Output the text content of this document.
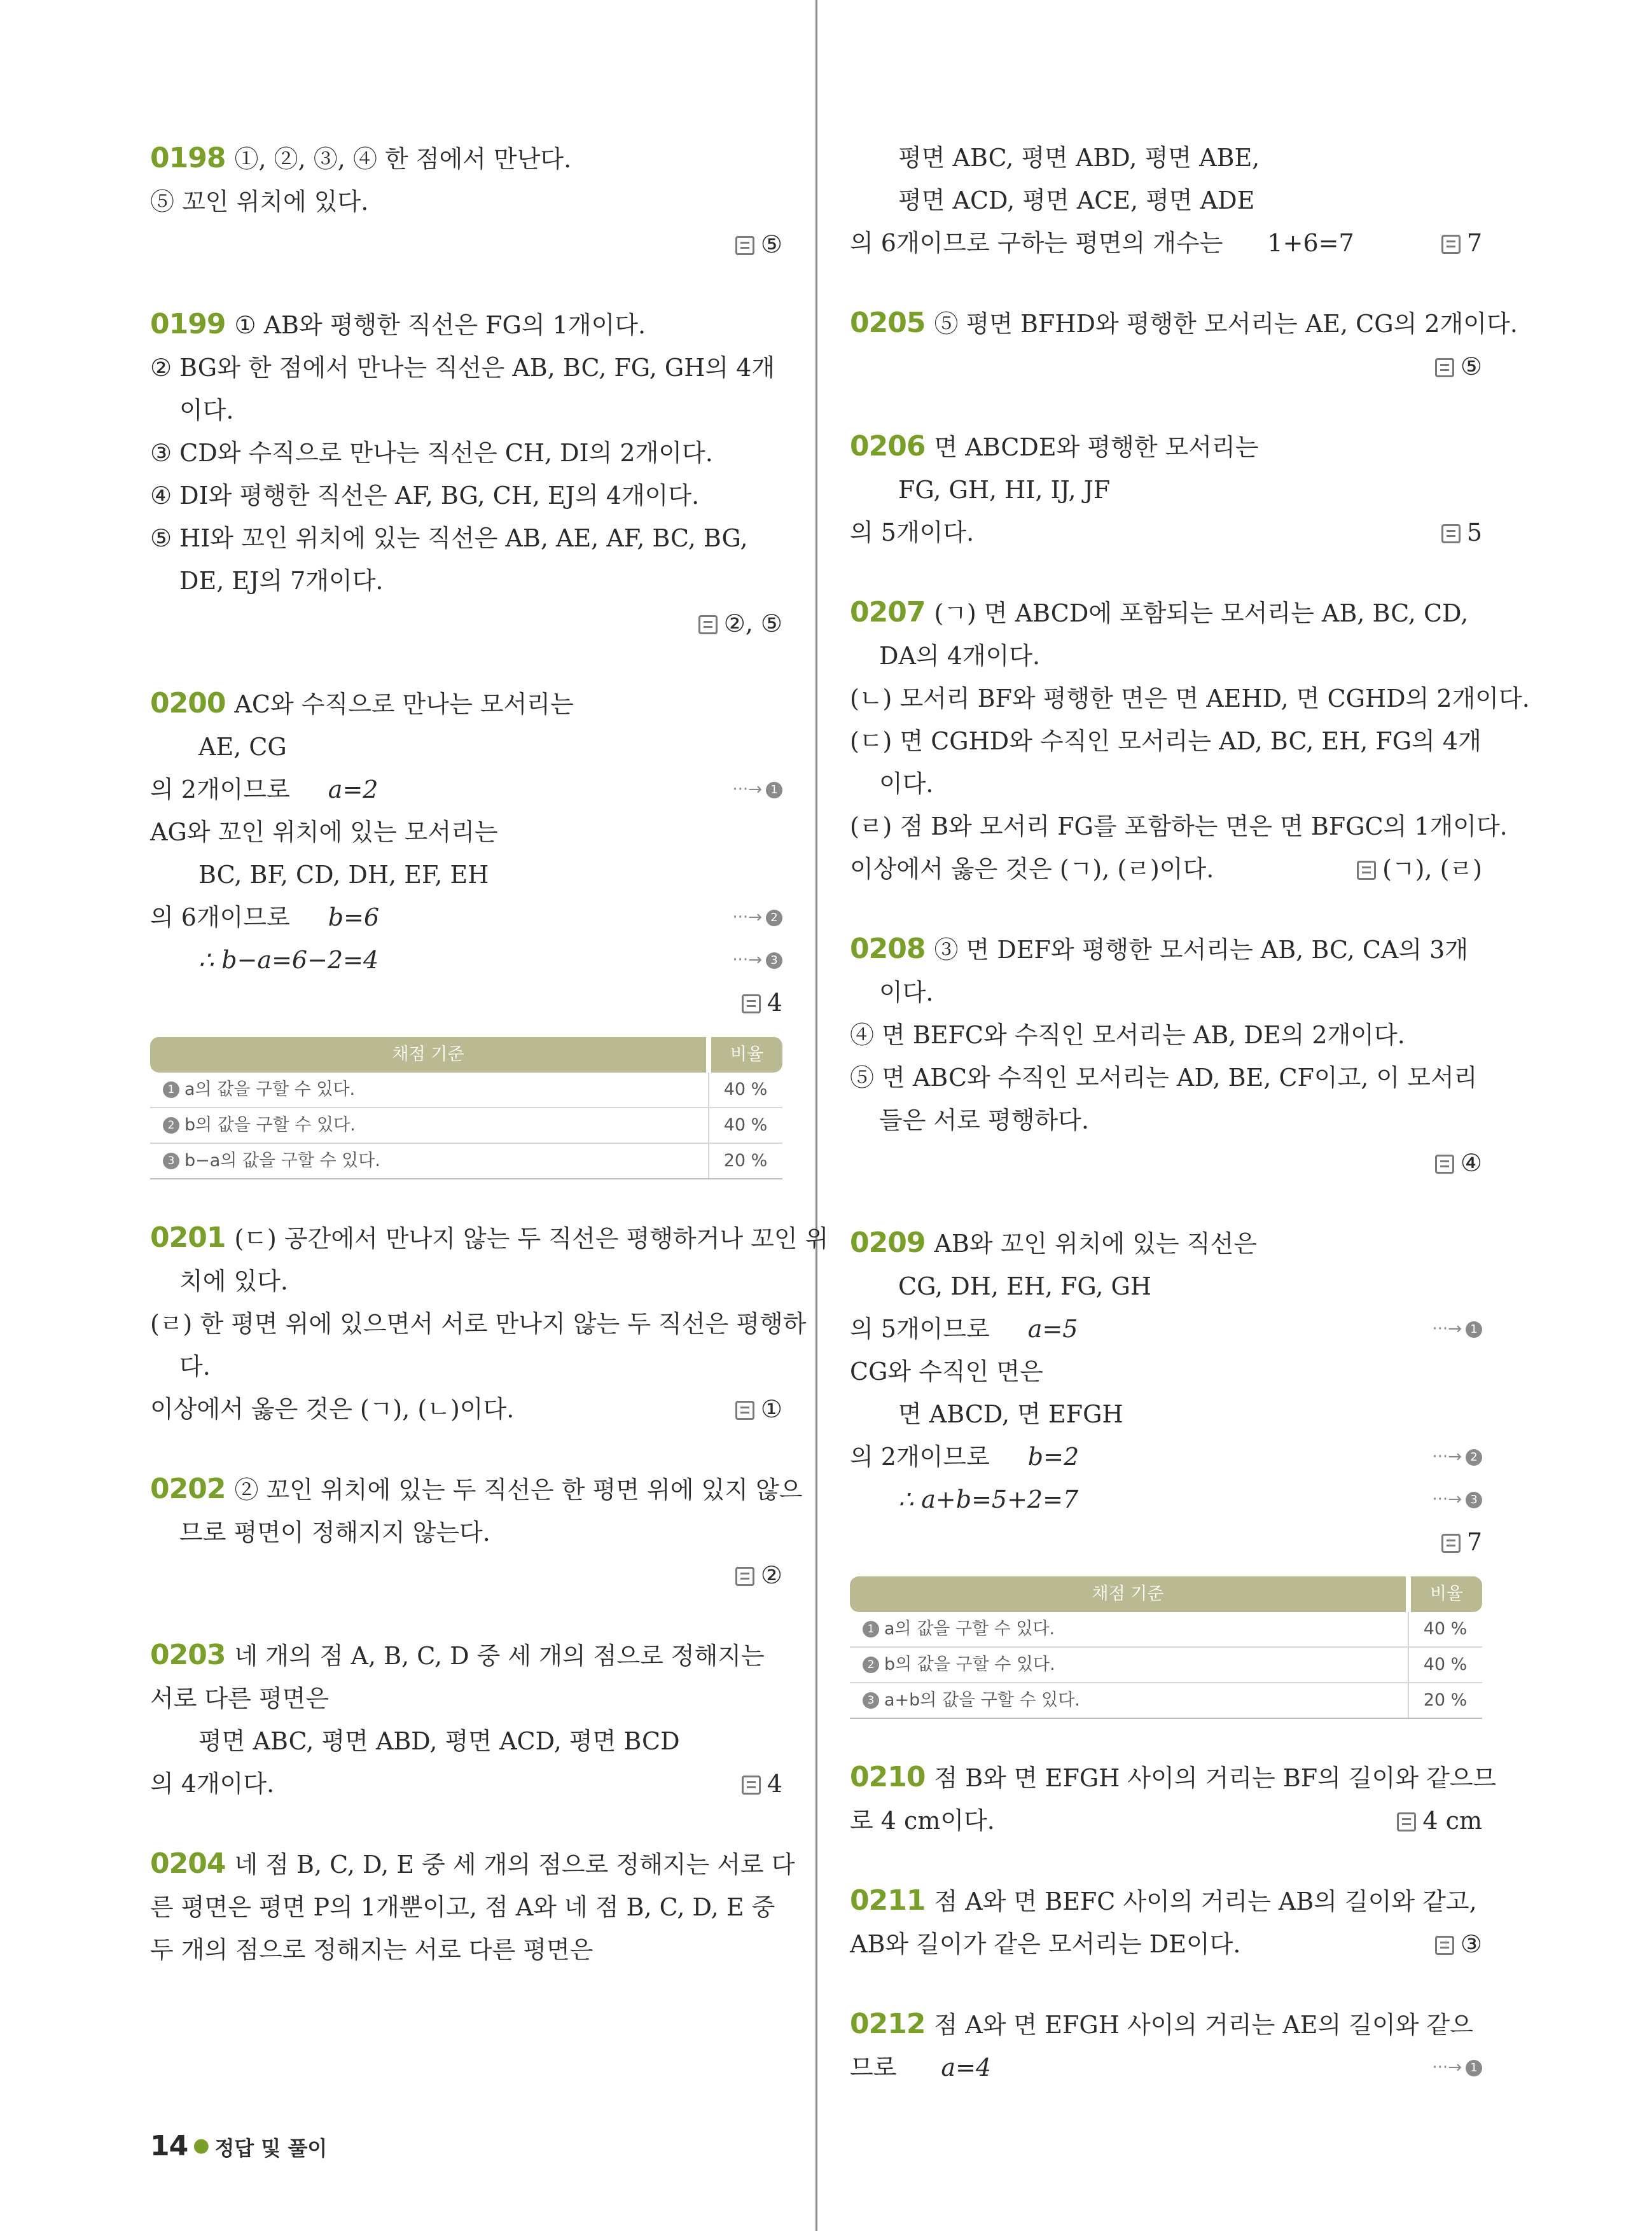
0198 ①, ②, ③, ④ 한 점에서 만난다.
⑤ 꼬인 위치에 있다.
⑤
0199 ① AB와 평행한 직선은 FG의 1개이다.
② BG와 한 점에서 만나는 직선은 AB, BC, FG, GH의 4개
이다.
③ CD와 수직으로 만나는 직선은 CH, DI의 2개이다.
④ DI와 평행한 직선은 AF, BG, CH, EJ의 4개이다.
⑤ HI와 꼬인 위치에 있는 직선은 AB, AE, AF, BC, BG,
DE, EJ의 7개이다.
②, ⑤
0200 AC와 수직으로 만나는 모서리는
AE, CG
의 2개이므로 a=2	···→ 1
AG와 꼬인 위치에 있는 모서리는
BC, BF, CD, DH, EF, EH
의 6개이므로 b=6	···→ 2
∴ b−a=6−2=4	···→ 3
4
채점 기준	비율
1 a의 값을 구할 수 있다.	40 %
2 b의 값을 구할 수 있다.	40 %
3 b−a의 값을 구할 수 있다.	20 %
0201 (ㄷ) 공간에서 만나지 않는 두 직선은 평행하거나 꼬인 위
치에 있다.
(ㄹ) 한 평면 위에 있으면서 서로 만나지 않는 두 직선은 평행하
다.
이상에서 옳은 것은 (ㄱ), (ㄴ)이다.	①
0202 ② 꼬인 위치에 있는 두 직선은 한 평면 위에 있지 않으
므로 평면이 정해지지 않는다.
②
0203 네 개의 점 A, B, C, D 중 세 개의 점으로 정해지는
서로 다른 평면은
평면 ABC, 평면 ABD, 평면 ACD, 평면 BCD
의 4개이다.	4
0204 네 점 B, C, D, E 중 세 개의 점으로 정해지는 서로 다
른 평면은 평면 P의 1개뿐이고, 점 A와 네 점 B, C, D, E 중
두 개의 점으로 정해지는 서로 다른 평면은
평면 ABC, 평면 ABD, 평면 ABE,
평면 ACD, 평면 ACE, 평면 ADE
의 6개이므로 구하는 평면의 개수는 1+6=7	7
0205 ⑤ 평면 BFHD와 평행한 모서리는 AE, CG의 2개이다.
⑤
0206 면 ABCDE와 평행한 모서리는
FG, GH, HI, IJ, JF
의 5개이다.	5
0207 (ㄱ) 면 ABCD에 포함되는 모서리는 AB, BC, CD,
DA의 4개이다.
(ㄴ) 모서리 BF와 평행한 면은 면 AEHD, 면 CGHD의 2개이다.
(ㄷ) 면 CGHD와 수직인 모서리는 AD, BC, EH, FG의 4개
이다.
(ㄹ) 점 B와 모서리 FG를 포함하는 면은 면 BFGC의 1개이다.
이상에서 옳은 것은 (ㄱ), (ㄹ)이다.	(ㄱ), (ㄹ)
0208 ③ 면 DEF와 평행한 모서리는 AB, BC, CA의 3개
이다.
④ 면 BEFC와 수직인 모서리는 AB, DE의 2개이다.
⑤ 면 ABC와 수직인 모서리는 AD, BE, CF이고, 이 모서리
들은 서로 평행하다.
④
0209 AB와 꼬인 위치에 있는 직선은
CG, DH, EH, FG, GH
의 5개이므로 a=5	···→ 1
CG와 수직인 면은
면 ABCD, 면 EFGH
의 2개이므로 b=2	···→ 2
∴ a+b=5+2=7	···→ 3
7
채점 기준	비율
1 a의 값을 구할 수 있다.	40 %
2 b의 값을 구할 수 있다.	40 %
3 a+b의 값을 구할 수 있다.	20 %
0210 점 B와 면 EFGH 사이의 거리는 BF의 길이와 같으므
로 4 cm이다.	4 cm
0211 점 A와 면 BEFC 사이의 거리는 AB의 길이와 같고,
AB와 길이가 같은 모서리는 DE이다.	③
0212 점 A와 면 EFGH 사이의 거리는 AE의 길이와 같으
므로 a=4	···→ 1
14 ● 정답 및 풀이
